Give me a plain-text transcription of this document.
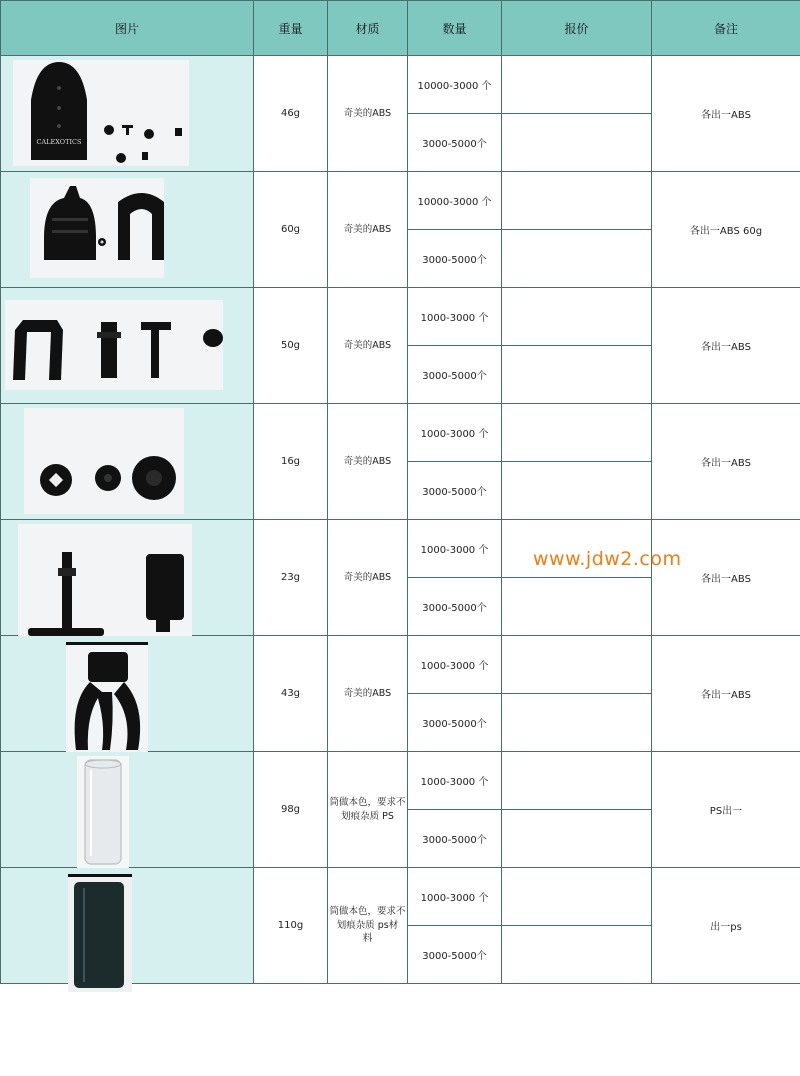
图片	重量	材质	数量	报价	备注

CALEXOTICS	46g	奇美的ABS	10000-3000 个		各出一ABS
			3000-5000个		

	60g	奇美的ABS	10000-3000 个		各出一ABS 60g
			3000-5000个		

	50g	奇美的ABS	1000-3000 个		各出一ABS
			3000-5000个		

	16g	奇美的ABS	1000-3000 个		各出一ABS
			3000-5000个		

	23g	奇美的ABS	1000-3000 个		各出一ABS
			3000-5000个		

	43g	奇美的ABS	1000-3000 个		各出一ABS
			3000-5000个		

	98g	筒做本色，要求不
划痕杂质 PS	1000-3000 个		PS出一
			3000-5000个		

	110g	筒做本色，要求不
划痕杂质 ps材
料	1000-3000 个		出一ps
			3000-5000个		
www.jdw2.com
